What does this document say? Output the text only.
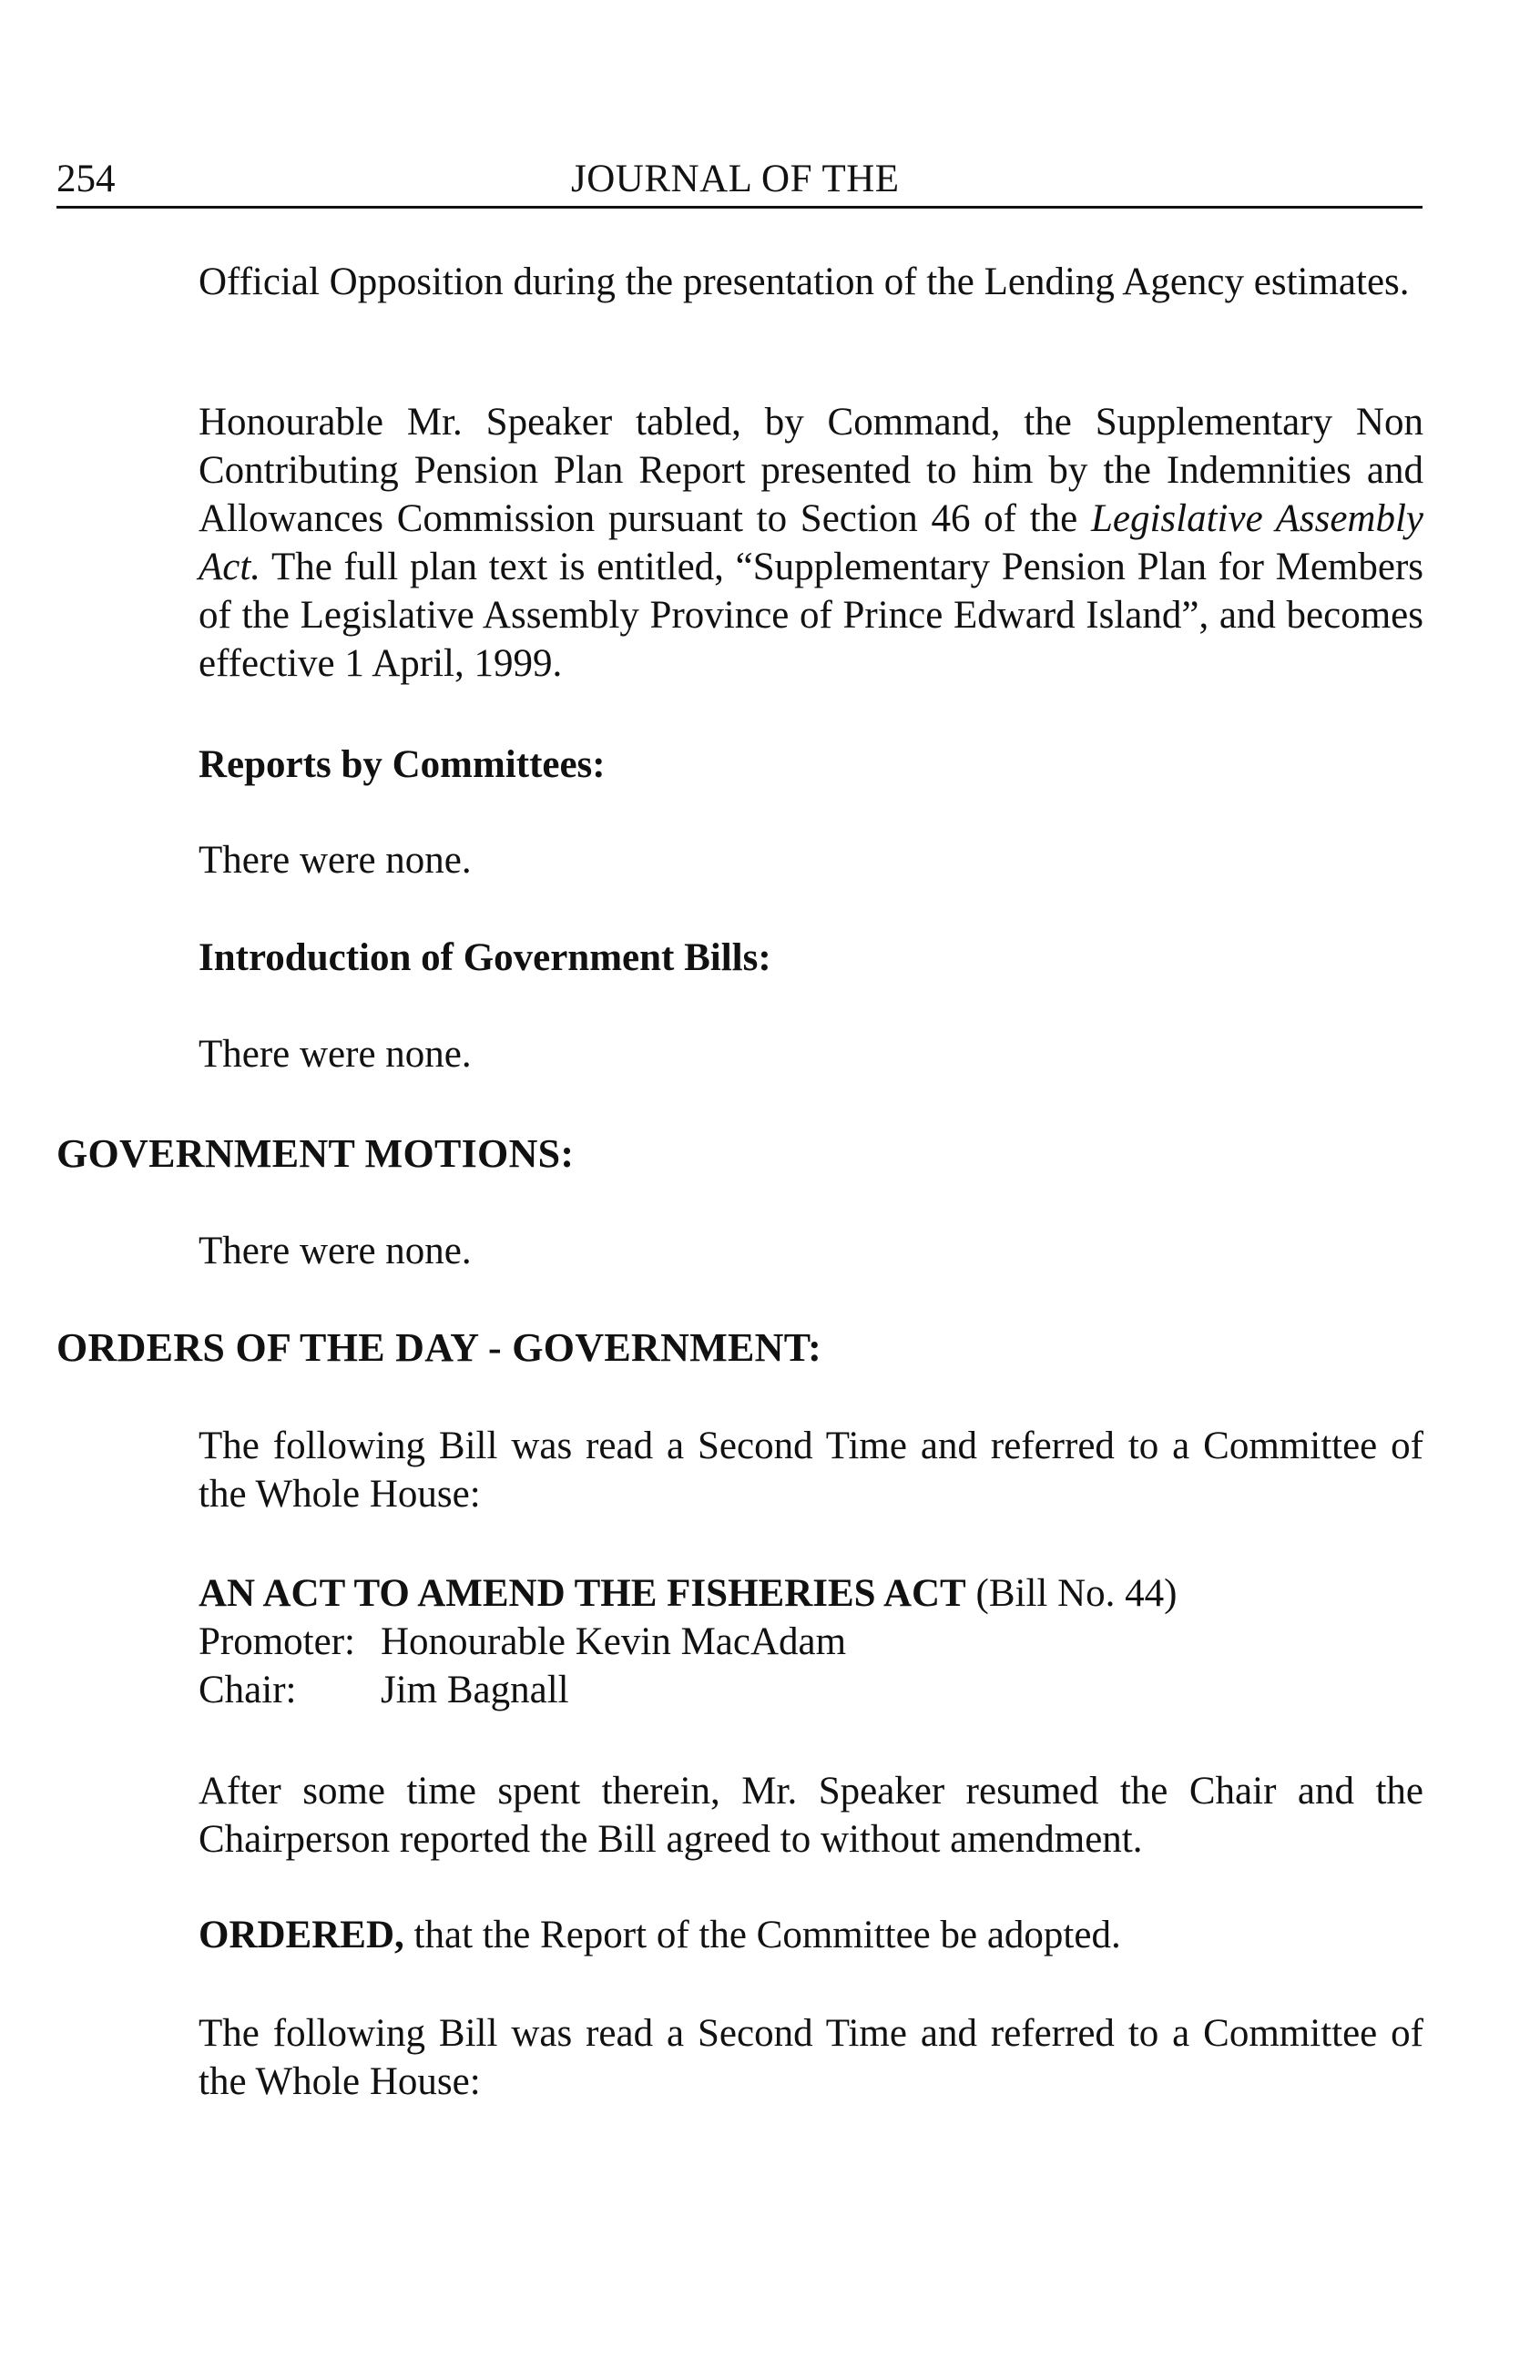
254	JOURNAL OF THE
Official Opposition during the presentation of the Lending Agency estimates.
Honourable Mr. Speaker tabled, by Command, the Supplementary Non Contributing Pension Plan Report presented to him by the Indemnities and Allowances Commission pursuant to Section 46 of the Legislative Assembly Act. The full plan text is entitled, “Supplementary Pension Plan for Members of the Legislative Assembly Province of Prince Edward Island”, and becomes effective 1 April, 1999.
Reports by Committees:
There were none.
Introduction of Government Bills:
There were none.
GOVERNMENT MOTIONS:
There were none.
ORDERS OF THE DAY - GOVERNMENT:
The following Bill was read a Second Time and referred to a Committee of the Whole House:
AN ACT TO AMEND THE FISHERIES ACT (Bill No. 44)
Promoter: Honourable Kevin MacAdam
Chair:	Jim Bagnall
After some time spent therein, Mr. Speaker resumed the Chair and the Chairperson reported the Bill agreed to without amendment.
ORDERED, that the Report of the Committee be adopted.
The following Bill was read a Second Time and referred to a Committee of the Whole House:
